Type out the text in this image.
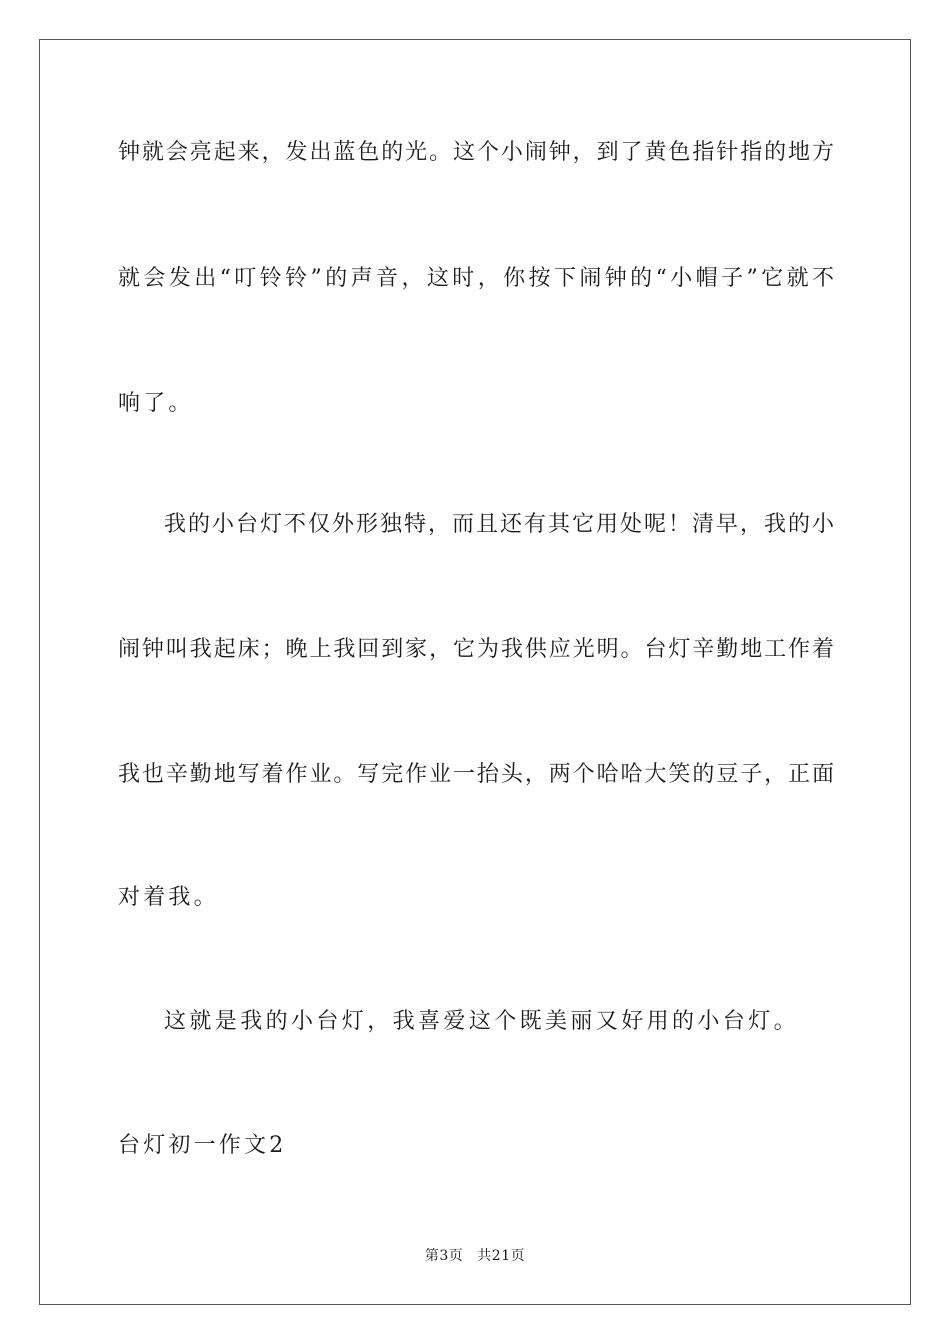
钟就会亮起来，发出蓝色的光。这个小闹钟，到了黄色指针指的地方
就会发出“叮铃铃”的声音，这时，你按下闹钟的“小帽子”它就不
响了。
我的小台灯不仅外形独特，而且还有其它用处呢！清早，我的小
闹钟叫我起床；晚上我回到家，它为我供应光明。台灯辛勤地工作着
我也辛勤地写着作业。写完作业一抬头，两个哈哈大笑的豆子，正面
对着我。
这就是我的小台灯，我喜爱这个既美丽又好用的小台灯。
台灯初一作文2
第3页 共21页
